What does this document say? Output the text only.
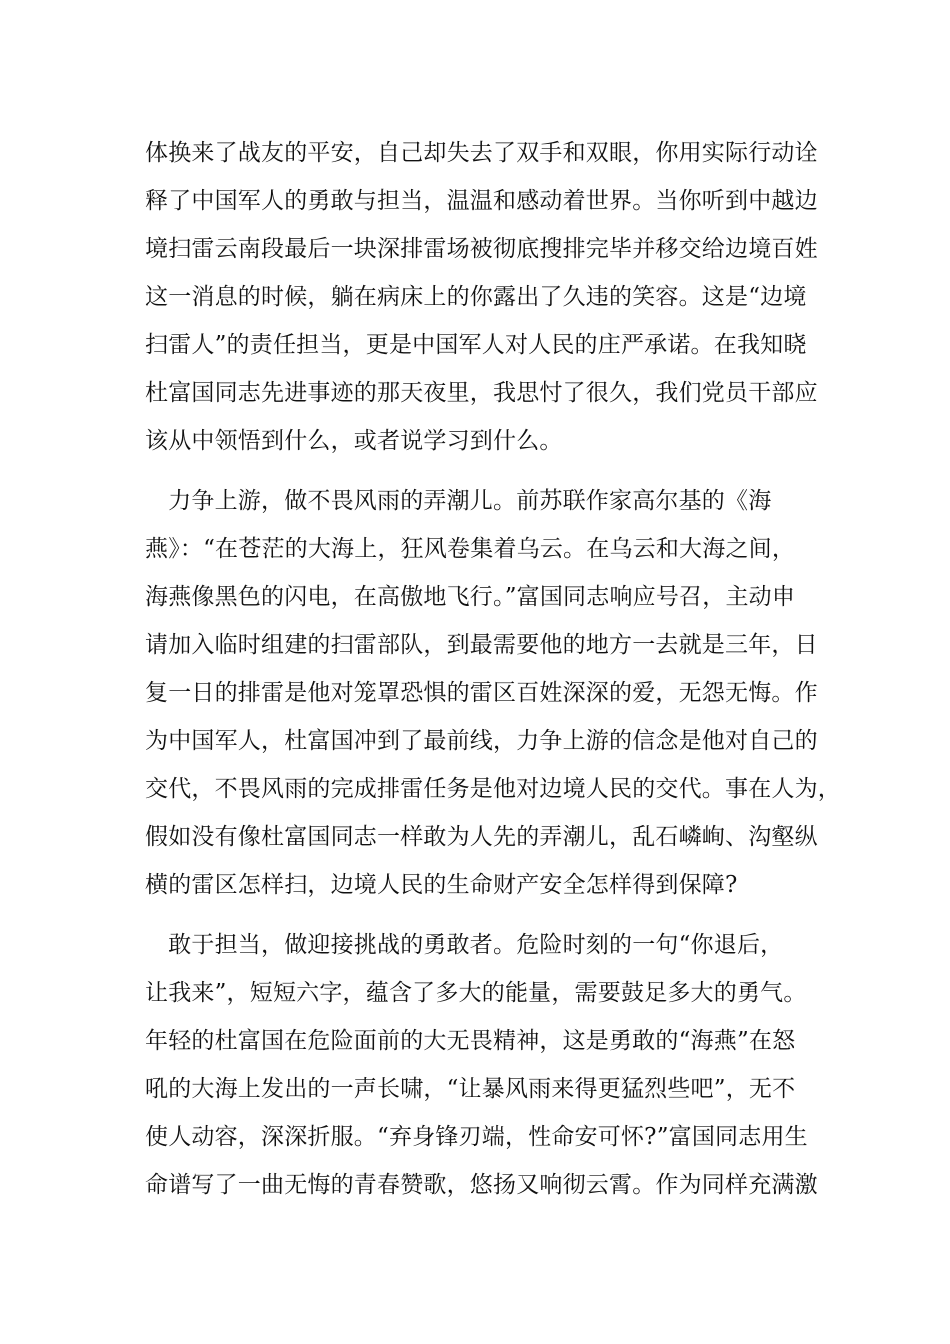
体换来了战友的平安，自己却失去了双手和双眼，你用实际行动诠
释了中国军人的勇敢与担当，温温和感动着世界。当你听到中越边
境扫雷云南段最后一块深排雷场被彻底搜排完毕并移交给边境百姓
这一消息的时候，躺在病床上的你露出了久违的笑容。这是“边境
扫雷人”的责任担当，更是中国军人对人民的庄严承诺。在我知晓
杜富国同志先进事迹的那天夜里，我思忖了很久，我们党员干部应
该从中领悟到什么，或者说学习到什么。
　力争上游，做不畏风雨的弄潮儿。前苏联作家高尔基的《海
燕》：“在苍茫的大海上，狂风卷集着乌云。在乌云和大海之间，
海燕像黑色的闪电，在高傲地飞行。”富国同志响应号召，主动申
请加入临时组建的扫雷部队，到最需要他的地方一去就是三年，日
复一日的排雷是他对笼罩恐惧的雷区百姓深深的爱，无怨无悔。作
为中国军人，杜富国冲到了最前线，力争上游的信念是他对自己的
交代，不畏风雨的完成排雷任务是他对边境人民的交代。事在人为，
假如没有像杜富国同志一样敢为人先的弄潮儿，乱石嶙峋、沟壑纵
横的雷区怎样扫，边境人民的生命财产安全怎样得到保障?
　敢于担当，做迎接挑战的勇敢者。危险时刻的一句“你退后，
让我来”，短短六字，蕴含了多大的能量，需要鼓足多大的勇气。
年轻的杜富国在危险面前的大无畏精神，这是勇敢的“海燕”在怒
吼的大海上发出的一声长啸，“让暴风雨来得更猛烈些吧”，无不
使人动容，深深折服。“弃身锋刃端，性命安可怀?”富国同志用生
命谱写了一曲无悔的青春赞歌，悠扬又响彻云霄。作为同样充满激
